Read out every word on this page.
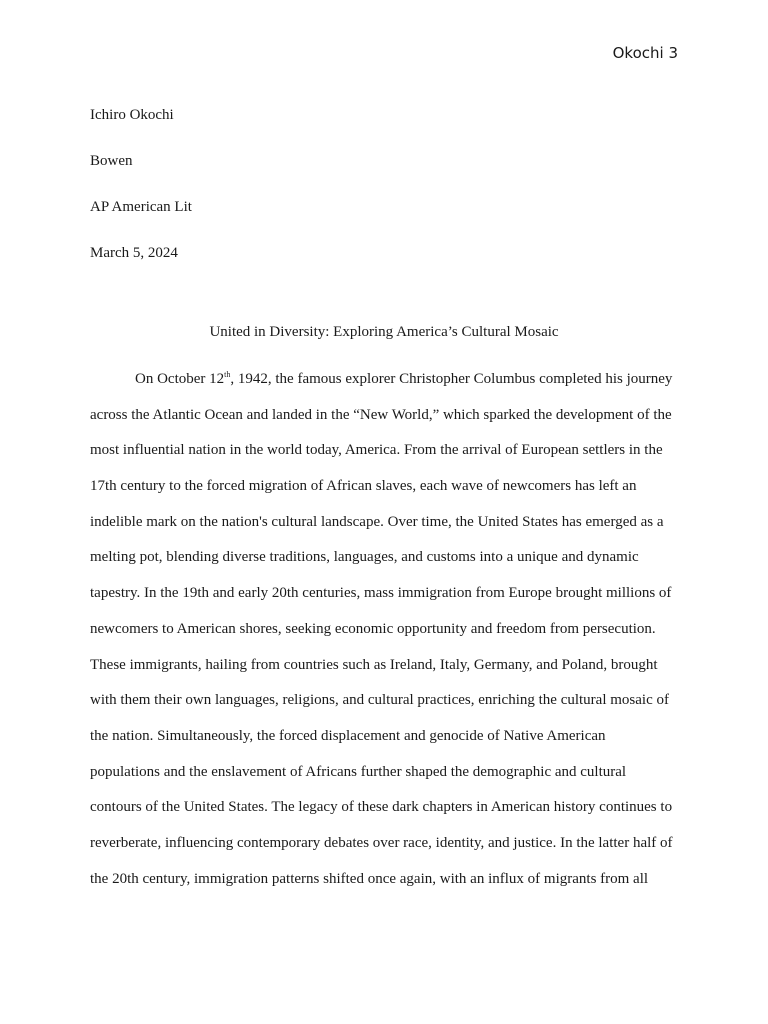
Okochi 3
Ichiro Okochi
Bowen
AP American Lit
March 5, 2024
United in Diversity: Exploring America’s Cultural Mosaic
On October 12th, 1942, the famous explorer Christopher Columbus completed his journey
across the Atlantic Ocean and landed in the “New World,” which sparked the development of the
most influential nation in the world today, America. From the arrival of European settlers in the
17th century to the forced migration of African slaves, each wave of newcomers has left an
indelible mark on the nation's cultural landscape. Over time, the United States has emerged as a
melting pot, blending diverse traditions, languages, and customs into a unique and dynamic
tapestry. In the 19th and early 20th centuries, mass immigration from Europe brought millions of
newcomers to American shores, seeking economic opportunity and freedom from persecution.
These immigrants, hailing from countries such as Ireland, Italy, Germany, and Poland, brought
with them their own languages, religions, and cultural practices, enriching the cultural mosaic of
the nation. Simultaneously, the forced displacement and genocide of Native American
populations and the enslavement of Africans further shaped the demographic and cultural
contours of the United States. The legacy of these dark chapters in American history continues to
reverberate, influencing contemporary debates over race, identity, and justice. In the latter half of
the 20th century, immigration patterns shifted once again, with an influx of migrants from all
